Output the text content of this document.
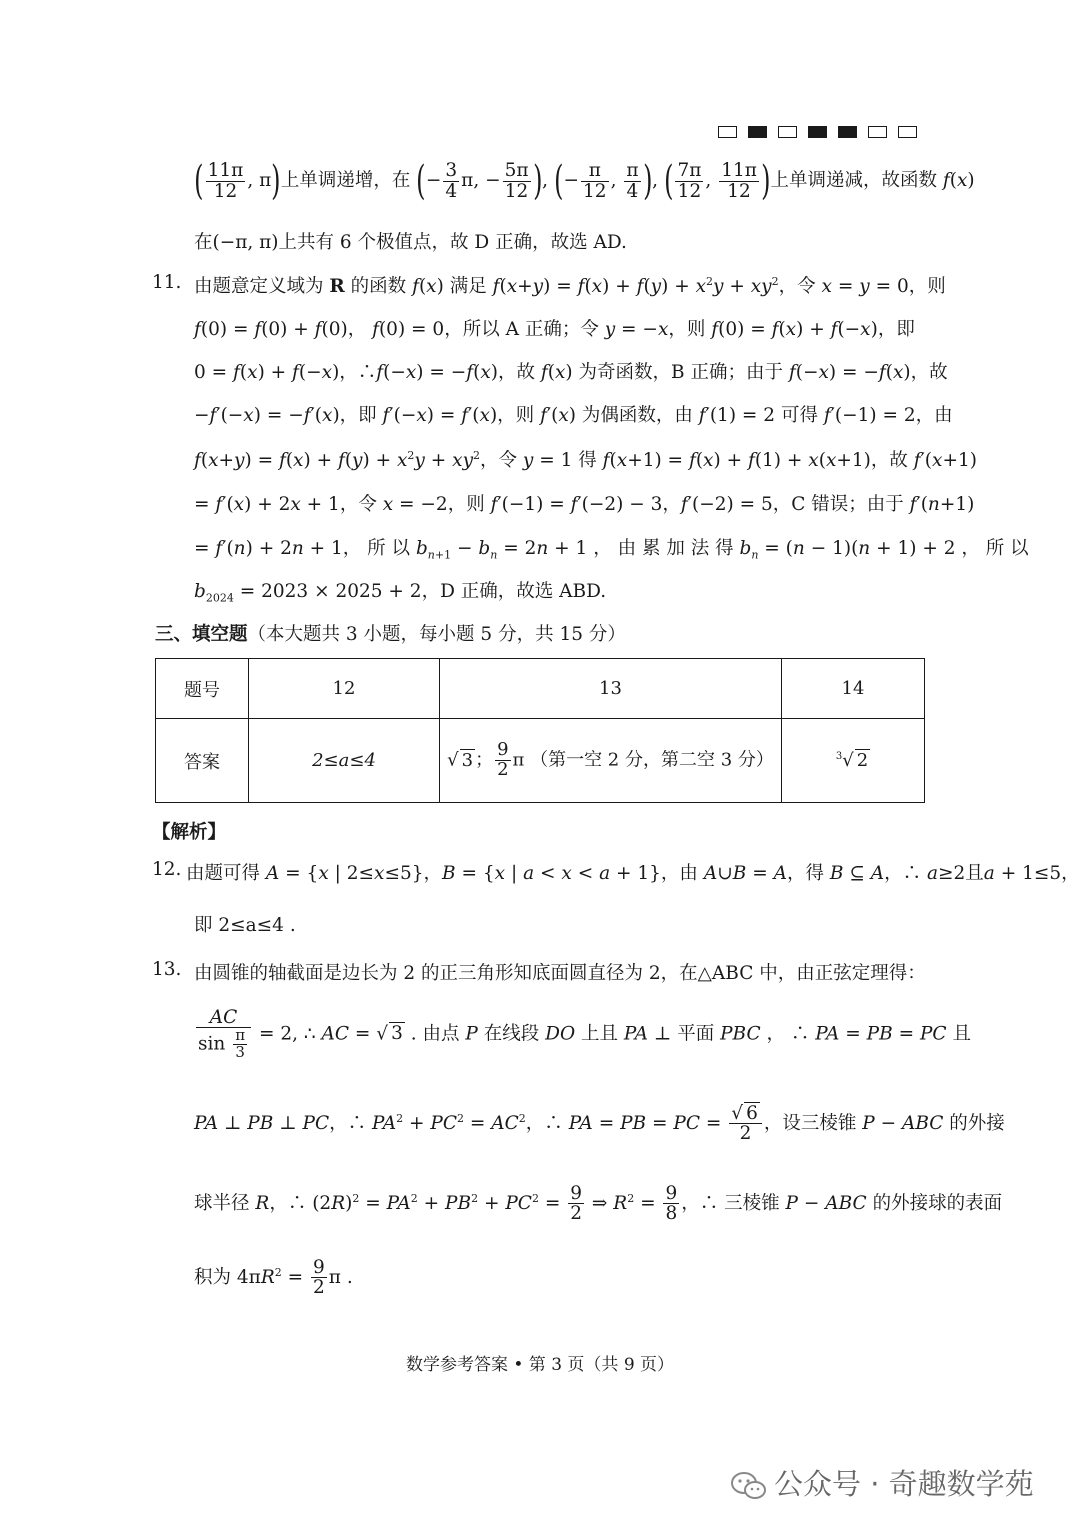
( $\frac{11\pi}{12}$ , π)上单调递增，在 (− $\frac{3}{4} \pi$, − $\frac{5\pi}{12}$ ), (− $\frac{\pi}{12}$ , $\frac{\pi}{4}$ ), ( $\frac{7\pi}{12}$ , $\frac{11\pi}{12}$ )上单调递减，故函数 f(x)
在(−π, π)上共有 6 个极值点，故 D 正确，故选 AD.
11. 由题意定义域为 R 的函数 f(x) 满足 $f(x+y) = f(x) + f(y) + x^2y + xy^2$，令 x = y = 0，则
f(0) = f(0) + f(0)， f(0) = 0，所以 A 正确；令 y = −x，则 f(0) = f(x) + f(−x)，即
0 = f(x) + f(−x)，∴f(−x) = −f(x)，故 f(x) 为奇函数，B 正确；由于 f(−x) = −f(x)，故
−f′(−x) = −f′(x)，即 f′(−x) = f′(x)，则 f′(x) 为偶函数，由 f′(1) = 2 可得 f′(−1) = 2，由
$f(x+y) = f(x) + f(y) + x^2y + xy^2$，令 y = 1 得 f(x+1) = f(x) + f(1) + x(x+1)，故 f′(x+1)
= f′(x) + 2x + 1，令 x = −2，则 f′(−1) = f′(−2) − 3，f′(−2) = 5，C 错误；由于 f′(n+1)
= f′(n) + 2n + 1， 所 以 $b_{n+1} - b_n = 2n + 1$ ， 由 累 加 法 得 $b_n = (n - 1)(n + 1) + 2$ ， 所 以
$b_{2024} = 2023 \times 2025 + 2$，D 正确，故选 ABD.
三、填空题（本大题共 3 小题，每小题 5 分，共 15 分）
题号	12	13	14
答案	2≤a≤4	√ 3 ； $\frac{9}{2}$ π （第一空 2 分，第二空 3 分）	$^3$√ 2
【解析】
12. 由题可得 A = {x | 2≤x≤5}，B = {x | a < x < a + 1}，由 A∪B = A，得 B ⊆ A，∴ a≥2且a + 1≤5，
即 2≤a≤4 .
13. 由圆锥的轴截面是边长为 2 的正三角形知底面圆直径为 2，在△ABC 中，由正弦定理得：
$\frac{AC}{\sin \frac{\pi}{3}} = 2$, ∴ AC = √ 3 . 由点 P 在线段 DO 上且 PA ⊥ 平面 PBC ， ∴ PA = PB = PC 且
PA ⊥ PB ⊥ PC，∴ $PA^2 + PC^2 = AC^2$，∴ PA = PB = PC = $\frac{√ 6}{2}$ ，设三棱锥 P − ABC 的外接
球半径 R，∴ $(2R)^2 = PA^2 + PB^2 + PC^2 = \frac{9}{2}$ ⇒ $R^2 = \frac{9}{8}$ ，∴ 三棱锥 P − ABC 的外接球的表面
积为 $4\pi R^2 = \frac{9}{2}$ π .
数学参考答案 • 第 3 页（共 9 页）
公众号 · 奇趣数学苑
